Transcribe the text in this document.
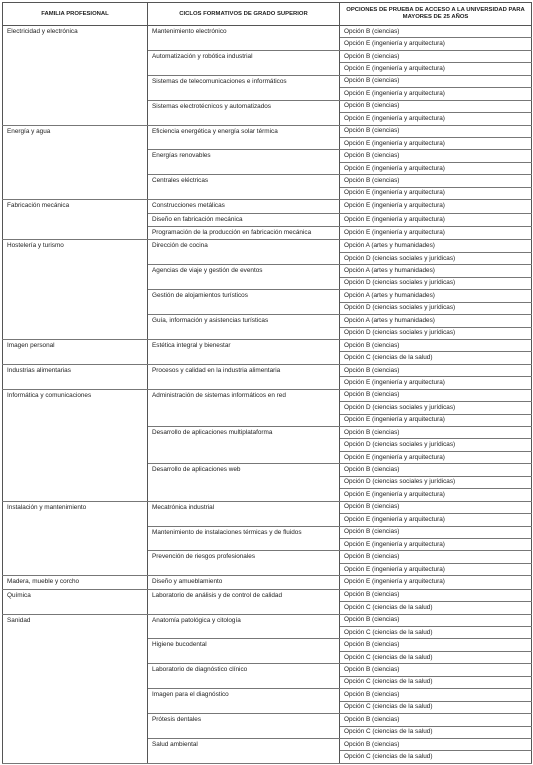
FAMILIA PROFESIONAL	CICLOS FORMATIVOS DE GRADO SUPERIOR	OPCIONES DE PRUEBA DE ACCESO A LA UNIVERSIDAD PARA MAYORES DE 25 AÑOS
Electricidad y electrónica	Mantenimiento electrónico	Opción B (ciencias)
		Opción E (ingeniería y arquitectura)
	Automatización y robótica industrial	Opción B (ciencias)
		Opción E (ingeniería y arquitectura)
	Sistemas de telecomunicaciones e informáticos	Opción B (ciencias)
		Opción E (ingeniería y arquitectura)
	Sistemas electrotécnicos y automatizados	Opción B (ciencias)
		Opción E (ingeniería y arquitectura)
Energía y agua	Eficiencia energética y energía solar térmica	Opción B (ciencias)
		Opción E (ingeniería y arquitectura)
	Energías renovables	Opción B (ciencias)
		Opción E (ingeniería y arquitectura)
	Centrales eléctricas	Opción B (ciencias)
		Opción E (ingeniería y arquitectura)
Fabricación mecánica	Construcciones metálicas	Opción E (ingeniería y arquitectura)
	Diseño en fabricación mecánica	Opción E (ingeniería y arquitectura)
	Programación de la producción en fabricación mecánica	Opción E (ingeniería y arquitectura)
Hostelería y turismo	Dirección de cocina	Opción A (artes y humanidades)
		Opción D (ciencias sociales y jurídicas)
	Agencias de viaje y gestión de eventos	Opción A (artes y humanidades)
		Opción D (ciencias sociales y jurídicas)
	Gestión de alojamientos turísticos	Opción A (artes y humanidades)
		Opción D (ciencias sociales y jurídicas)
	Guía, información y asistencias turísticas	Opción A (artes y humanidades)
		Opción D (ciencias sociales y jurídicas)
Imagen personal	Estética integral y bienestar	Opción B (ciencias)
		Opción C (ciencias de la salud)
Industrias alimentarias	Procesos y calidad en la industria alimentaria	Opción B (ciencias)
		Opción E (ingeniería y arquitectura)
Informática y comunicaciones	Administración de sistemas informáticos en red	Opción B (ciencias)
		Opción D (ciencias sociales y jurídicas)
		Opción E (ingeniería y arquitectura)
	Desarrollo de aplicaciones multiplataforma	Opción B (ciencias)
		Opción D (ciencias sociales y jurídicas)
		Opción E (ingeniería y arquitectura)
	Desarrollo de aplicaciones web	Opción B (ciencias)
		Opción D (ciencias sociales y jurídicas)
		Opción E (ingeniería y arquitectura)
Instalación y mantenimiento	Mecatrónica industrial	Opción B (ciencias)
		Opción E (ingeniería y arquitectura)
	Mantenimiento de instalaciones térmicas y de fluidos	Opción B (ciencias)
		Opción E (ingeniería y arquitectura)
	Prevención de riesgos profesionales	Opción B (ciencias)
		Opción E (ingeniería y arquitectura)
Madera, mueble y corcho	Diseño y amueblamiento	Opción E (ingeniería y arquitectura)
Química	Laboratorio de análisis y de control de calidad	Opción B (ciencias)
		Opción C (ciencias de la salud)
Sanidad	Anatomía patológica y citología	Opción B (ciencias)
		Opción C (ciencias de la salud)
	Higiene bucodental	Opción B (ciencias)
		Opción C (ciencias de la salud)
	Laboratorio de diagnóstico clínico	Opción B (ciencias)
		Opción C (ciencias de la salud)
	Imagen para el diagnóstico	Opción B (ciencias)
		Opción C (ciencias de la salud)
	Prótesis dentales	Opción B (ciencias)
		Opción C (ciencias de la salud)
	Salud ambiental	Opción B (ciencias)
		Opción C (ciencias de la salud)
